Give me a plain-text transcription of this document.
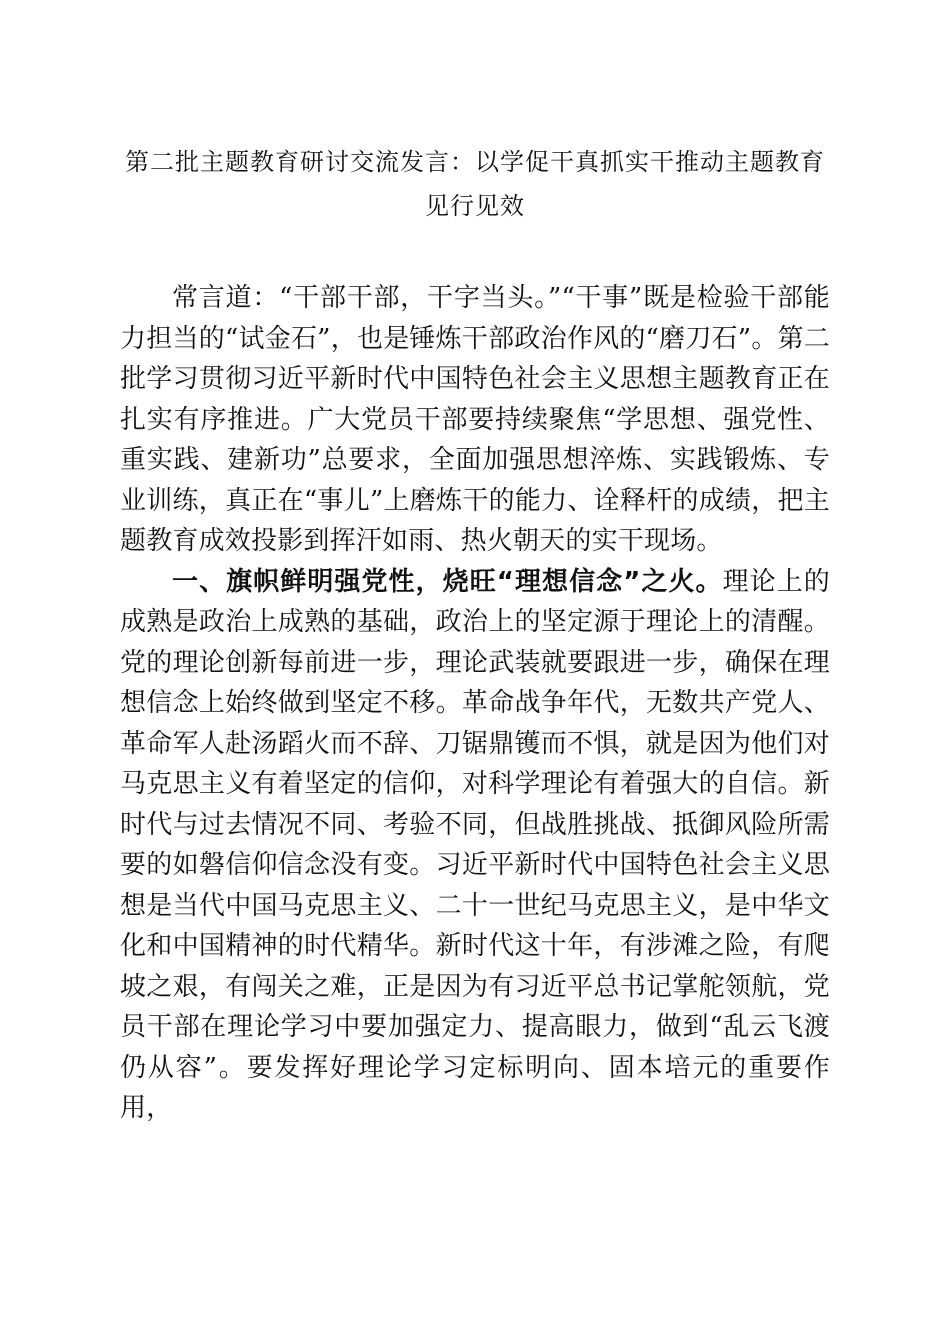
第二批主题教育研讨交流发言：以学促干真抓实干推动主题教育见行见效

常言道：“干部干部，干字当头。”“干事”既是检验干部能力担当的“试金石”，也是锤炼干部政治作风的“磨刀石”。第二批学习贯彻习近平新时代中国特色社会主义思想主题教育正在扎实有序推进。广大党员干部要持续聚焦“学思想、强党性、重实践、建新功”总要求，全面加强思想淬炼、实践锻炼、专业训练，真正在“事儿”上磨炼干的能力、诠释杆的成绩，把主题教育成效投影到挥汗如雨、热火朝天的实干现场。

一、旗帜鲜明强党性，烧旺“理想信念”之火。理论上的成熟是政治上成熟的基础，政治上的坚定源于理论上的清醒。党的理论创新每前进一步，理论武装就要跟进一步，确保在理想信念上始终做到坚定不移。革命战争年代，无数共产党人、革命军人赴汤蹈火而不辞、刀锯鼎镬而不惧，就是因为他们对马克思主义有着坚定的信仰，对科学理论有着强大的自信。新时代与过去情况不同、考验不同，但战胜挑战、抵御风险所需要的如磐信仰信念没有变。习近平新时代中国特色社会主义思想是当代中国马克思主义、二十一世纪马克思主义，是中华文化和中国精神的时代精华。新时代这十年，有涉滩之险，有爬坡之艰，有闯关之难，正是因为有习近平总书记掌舵领航，党员干部在理论学习中要加强定力、提高眼力，做到“乱云飞渡仍从容”。要发挥好理论学习定标明向、固本培元的重要作用，
